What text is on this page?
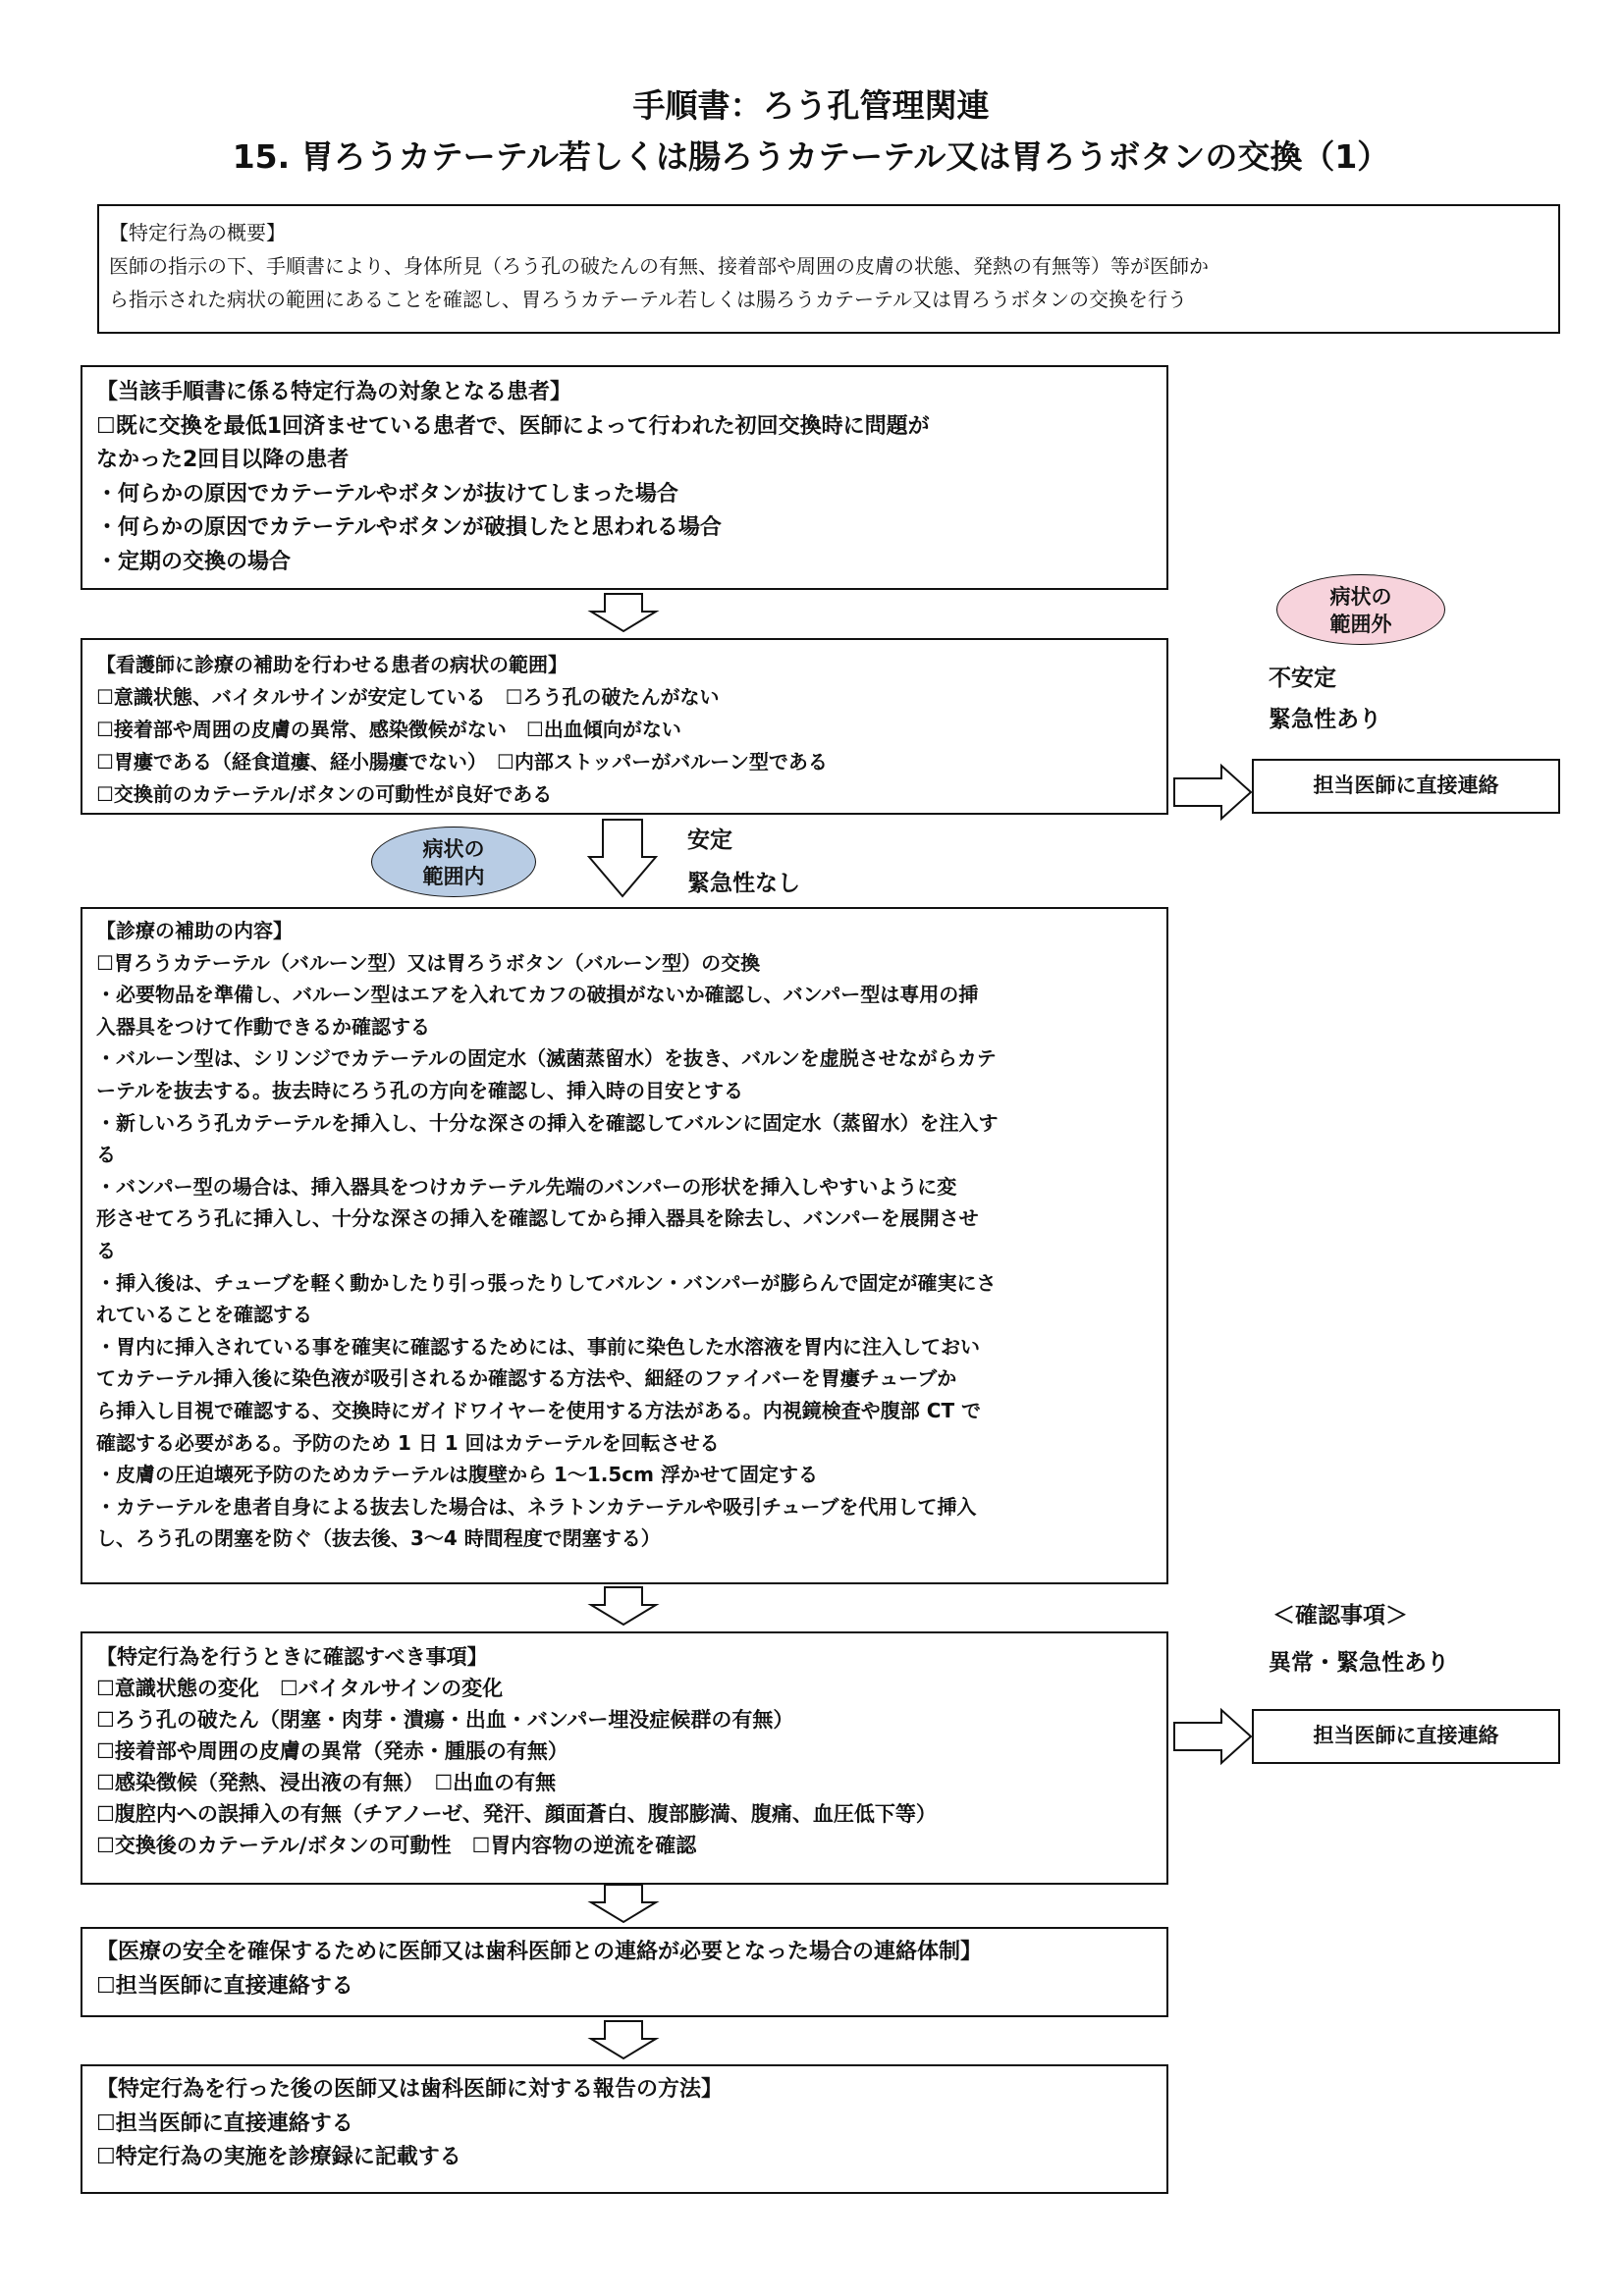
手順書：ろう孔管理関連
15. 胃ろうカテーテル若しくは腸ろうカテーテル又は胃ろうボタンの交換（1）
【特定行為の概要】
医師の指示の下、手順書により、身体所見（ろう孔の破たんの有無、接着部や周囲の皮膚の状態、発熱の有無等）等が医師か
ら指示された病状の範囲にあることを確認し、胃ろうカテーテル若しくは腸ろうカテーテル又は胃ろうボタンの交換を行う
【当該手順書に係る特定行為の対象となる患者】
☐既に交換を最低1回済ませている患者で、医師によって行われた初回交換時に問題が
なかった2回目以降の患者
・何らかの原因でカテーテルやボタンが抜けてしまった場合
・何らかの原因でカテーテルやボタンが破損したと思われる場合
・定期の交換の場合
【看護師に診療の補助を行わせる患者の病状の範囲】
☐意識状態、バイタルサインが安定している　☐ろう孔の破たんがない
☐接着部や周囲の皮膚の異常、感染徴候がない　☐出血傾向がない
☐胃瘻である（経食道瘻、経小腸瘻でない）　☐内部ストッパーがバルーン型である
☐交換前のカテーテル/ボタンの可動性が良好である
病状の
範囲外
不安定
緊急性あり
担当医師に直接連絡
病状の
範囲内
安定
緊急性なし
【診療の補助の内容】
☐胃ろうカテーテル（バルーン型）又は胃ろうボタン（バルーン型）の交換
・必要物品を準備し、バルーン型はエアを入れてカフの破損がないか確認し、バンパー型は専用の挿
入器具をつけて作動できるか確認する
・バルーン型は、シリンジでカテーテルの固定水（滅菌蒸留水）を抜き、バルンを虚脱させながらカテ
ーテルを抜去する。抜去時にろう孔の方向を確認し、挿入時の目安とする
・新しいろう孔カテーテルを挿入し、十分な深さの挿入を確認してバルンに固定水（蒸留水）を注入す
る
・バンパー型の場合は、挿入器具をつけカテーテル先端のバンパーの形状を挿入しやすいように変
形させてろう孔に挿入し、十分な深さの挿入を確認してから挿入器具を除去し、バンパーを展開させ
る
・挿入後は、チューブを軽く動かしたり引っ張ったりしてバルン・バンパーが膨らんで固定が確実にさ
れていることを確認する
・胃内に挿入されている事を確実に確認するためには、事前に染色した水溶液を胃内に注入しておい
てカテーテル挿入後に染色液が吸引されるか確認する方法や、細経のファイバーを胃瘻チューブか
ら挿入し目視で確認する、交換時にガイドワイヤーを使用する方法がある。内視鏡検査や腹部 CT で
確認する必要がある。予防のため 1 日 1 回はカテーテルを回転させる
・皮膚の圧迫壊死予防のためカテーテルは腹壁から 1～1.5cm 浮かせて固定する
・カテーテルを患者自身による抜去した場合は、ネラトンカテーテルや吸引チューブを代用して挿入
し、ろう孔の閉塞を防ぐ（抜去後、3～4 時間程度で閉塞する）
【特定行為を行うときに確認すべき事項】
☐意識状態の変化　☐バイタルサインの変化
☐ろう孔の破たん（閉塞・肉芽・潰瘍・出血・バンパー埋没症候群の有無）
☐接着部や周囲の皮膚の異常（発赤・腫脹の有無）
☐感染徴候（発熱、浸出液の有無）　☐出血の有無
☐腹腔内への誤挿入の有無（チアノーゼ、発汗、顔面蒼白、腹部膨満、腹痛、血圧低下等）
☐交換後のカテーテル/ボタンの可動性　☐胃内容物の逆流を確認
＜確認事項＞
異常・緊急性あり
担当医師に直接連絡
【医療の安全を確保するために医師又は歯科医師との連絡が必要となった場合の連絡体制】
☐担当医師に直接連絡する
【特定行為を行った後の医師又は歯科医師に対する報告の方法】
☐担当医師に直接連絡する
☐特定行為の実施を診療録に記載する
